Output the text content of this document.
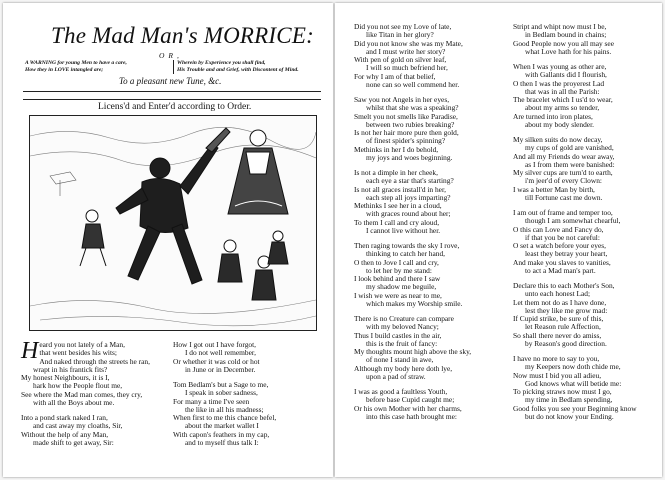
The Mad Man's MORRICE:
OR,
A WARNING for young Men to have a care,
How they in LOVE intangled are;
Wherein by Experience you shall find,
His Trouble and and Grief, with Discontent of Mind.
To a pleasant new Tune, &c.
Licens'd and Enter'd according to Order.
H eard you not lately of a Man,
that went besides his wits;
And naked through the streets he ran,
wrapt in his frantick fits?
My honest Neighbours, it is I,
hark how the People flout me,
See where the Mad man comes, they cry,
with all the Boys about me.
Into a pond stark naked I ran,
and cast away my cloaths, Sir,
Without the help of any Man,
made shift to get away, Sir:
How I got out I have forgot,
I do not well remember,
Or whether it was cold or hot
in June or in December.
Tom Bedlam's but a Sage to me,
I speak in sober sadness,
For many a time I've seen
the like in all his madness;
When first to me this chance befel,
about the market wallet I
With capon's feathers in my cap,
and to myself thus talk I:
Did you not see my Love of late,
like Titan in her glory?
Did you not know she was my Mate,
and I must write her story?
With pen of gold on silver leaf,
I will so much befriend her,
For why I am of that belief,
none can so well commend her.
Saw you not Angels in her eyes,
whilst that she was a speaking?
Smelt you not smells like Paradise,
between two rubies breaking?
Is not her hair more pure then gold,
of finest spider's spinning?
Methinks in her I do behold,
my joys and woes beginning.
Is not a dimple in her cheek,
each eye a star that's starting?
Is not all graces install'd in her,
each step all joys imparting?
Methinks I see her in a cloud,
with graces round about her;
To them I call and cry aloud,
I cannot live without her.
Then raging towards the sky I rove,
thinking to catch her hand,
O then to Jove I call and cry,
to let her by me stand:
I look behind and there I saw
my shadow me beguile,
I wish we were as near to me,
which makes my Worship smile.
There is no Creature can compare
with my beloved Nancy;
Thus I build castles in the air,
this is the fruit of fancy:
My thoughts mount high above the sky,
of none I stand in awe,
Although my body here doth lye,
upon a pad of straw.
I was as good a faultless Youth,
before base Cupid caught me;
Or his own Mother with her charms,
into this case hath brought me:
Stript and whipt now must I be,
in Bedlam bound in chains;
Good People now you all may see
what Love hath for his pains.
When I was young as other are,
with Gallants did I flourish,
O then I was the proyerest Lad
that was in all the Parish:
The bracelet which I us'd to wear,
about my arms so tender,
Are turned into iron plates,
about my body slender.
My silken suits do now decay,
my cups of gold are vanished,
And all my Friends do wear away,
as I from them were banished:
My silver cups are turn'd to earth,
i'm jeer'd of every Clown:
I was a better Man by birth,
till Fortune cast me down.
I am out of frame and temper too,
though I am somewhat chearful,
O this can Love and Fancy do,
if that you be not careful:
O set a watch before your eyes,
least they betray your heart,
And make you slaves to vanities,
to act a Mad man's part.
Declare this to each Mother's Son,
unto each honest Lad;
Let them not do as I have done,
lest they like me grow mad:
If Cupid strike, be sure of this,
let Reason rule Affection,
So shall there never do amiss,
by Reason's good direction.
I have no more to say to you,
my Keepers now doth chide me,
Now must I bid you all adieu,
God knows what will betide me:
To picking straws now must I go,
my time in Bedlam spending,
Good folks you see your Beginning know
but do not know your Ending.
